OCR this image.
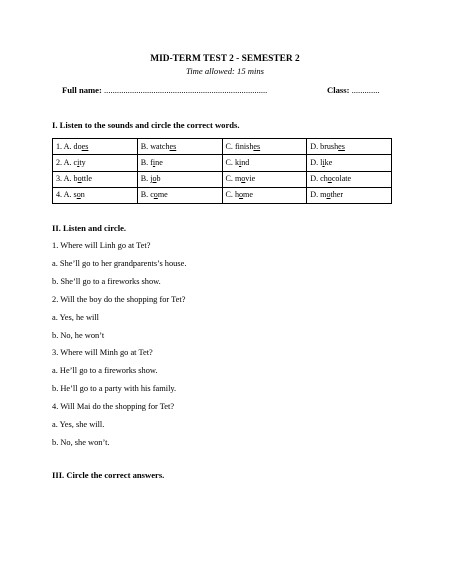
MID-TERM TEST 2 - SEMESTER 2
Time allowed: 15 mins
Full name: ............................................................................	Class: .............
I. Listen to the sounds and circle the correct words.
1. A. does	B. watches	C. finishes	D. brushes
2. A. city	B. fine	C. kind	D. like
3. A. bottle	B. job	C. movie	D. chocolate
4. A. son	B. come	C. home	D. mother
II. Listen and circle.
1. Where will Linh go at Tet?
a. She’ll go to her grandparents’s house.
b. She’ll go to a fireworks show.
2. Will the boy do the shopping for Tet?
a. Yes, he will
b. No, he won’t
3. Where will Minh go at Tet?
a. He’ll go to a fireworks show.
b. He’ll go to a party with his family.
4. Will Mai do the shopping for Tet?
a. Yes, she will.
b. No, she won’t.
III. Circle the correct answers.
